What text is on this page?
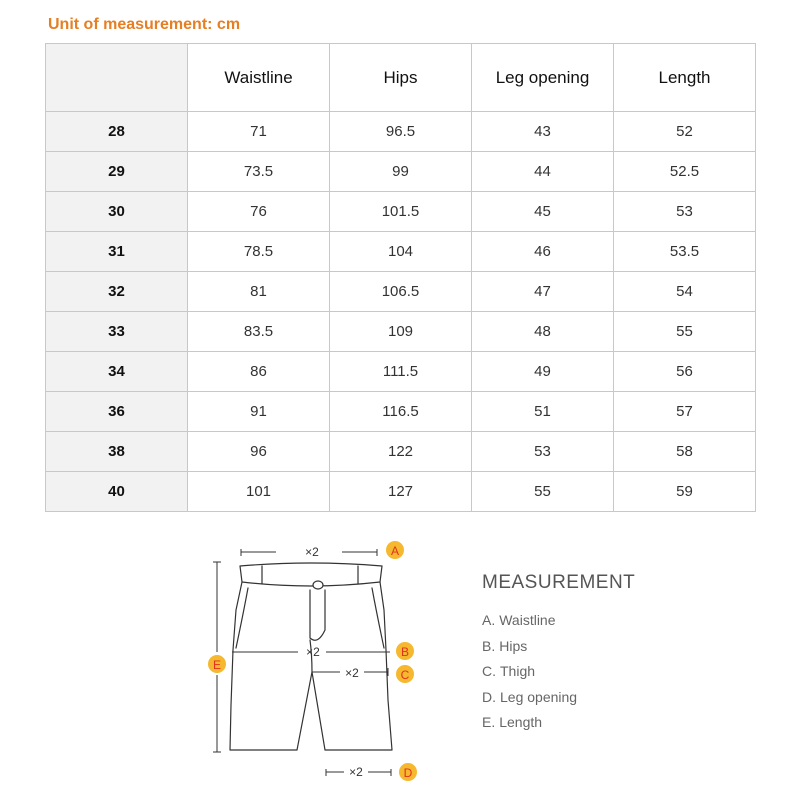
Unit of measurement: cm
	Waistline	Hips	Leg opening	Length
28	71	96.5	43	52
29	73.5	99	44	52.5
30	76	101.5	45	53
31	78.5	104	46	53.5
32	81	106.5	47	54
33	83.5	109	48	55
34	86	111.5	49	56
36	91	116.5	51	57
38	96	122	53	58
40	101	127	55	59
×2
×2
×2
×2
A
B
C
D
E
MEASUREMENT
A. Waistline
B. Hips
C. Thigh
D. Leg opening
E. Length
